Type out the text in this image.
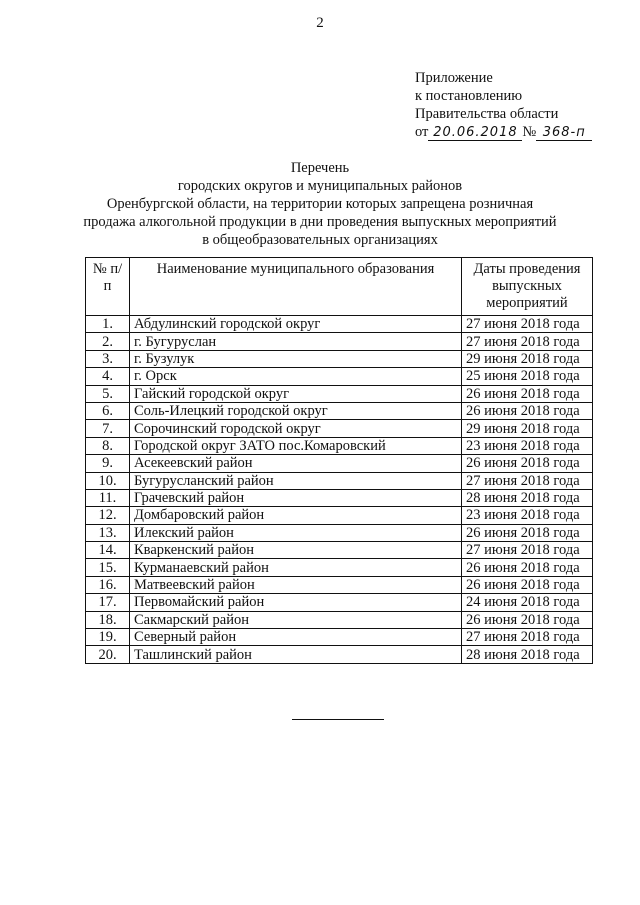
2
Приложение
к постановлению
Правительства области
от 20.06.2018 № 368-п
Перечень
городских округов и муниципальных районов
Оренбургской области, на территории которых запрещена розничная
продажа алкогольной продукции в дни проведения выпускных мероприятий
в общеобразовательных организациях
№ п/п	Наименование муниципального образования	Даты проведения выпускных мероприятий
1.	Абдулинский городской округ	27 июня 2018 года
2.	г. Бугуруслан	27 июня 2018 года
3.	г. Бузулук	29 июня 2018 года
4.	г. Орск	25 июня 2018 года
5.	Гайский городской округ	26 июня 2018 года
6.	Соль-Илецкий городской округ	26 июня 2018 года
7.	Сорочинский городской округ	29 июня 2018 года
8.	Городской округ ЗАТО пос.Комаровский	23 июня 2018 года
9.	Асекеевский район	26 июня 2018 года
10.	Бугурусланский район	27 июня 2018 года
11.	Грачевский район	28 июня 2018 года
12.	Домбаровский район	23 июня 2018 года
13.	Илекский район	26 июня 2018 года
14.	Кваркенский район	27 июня 2018 года
15.	Курманаевский район	26 июня 2018 года
16.	Матвеевский район	26 июня 2018 года
17.	Первомайский район	24 июня 2018 года
18.	Сакмарский район	26 июня 2018 года
19.	Северный район	27 июня 2018 года
20.	Ташлинский район	28 июня 2018 года
